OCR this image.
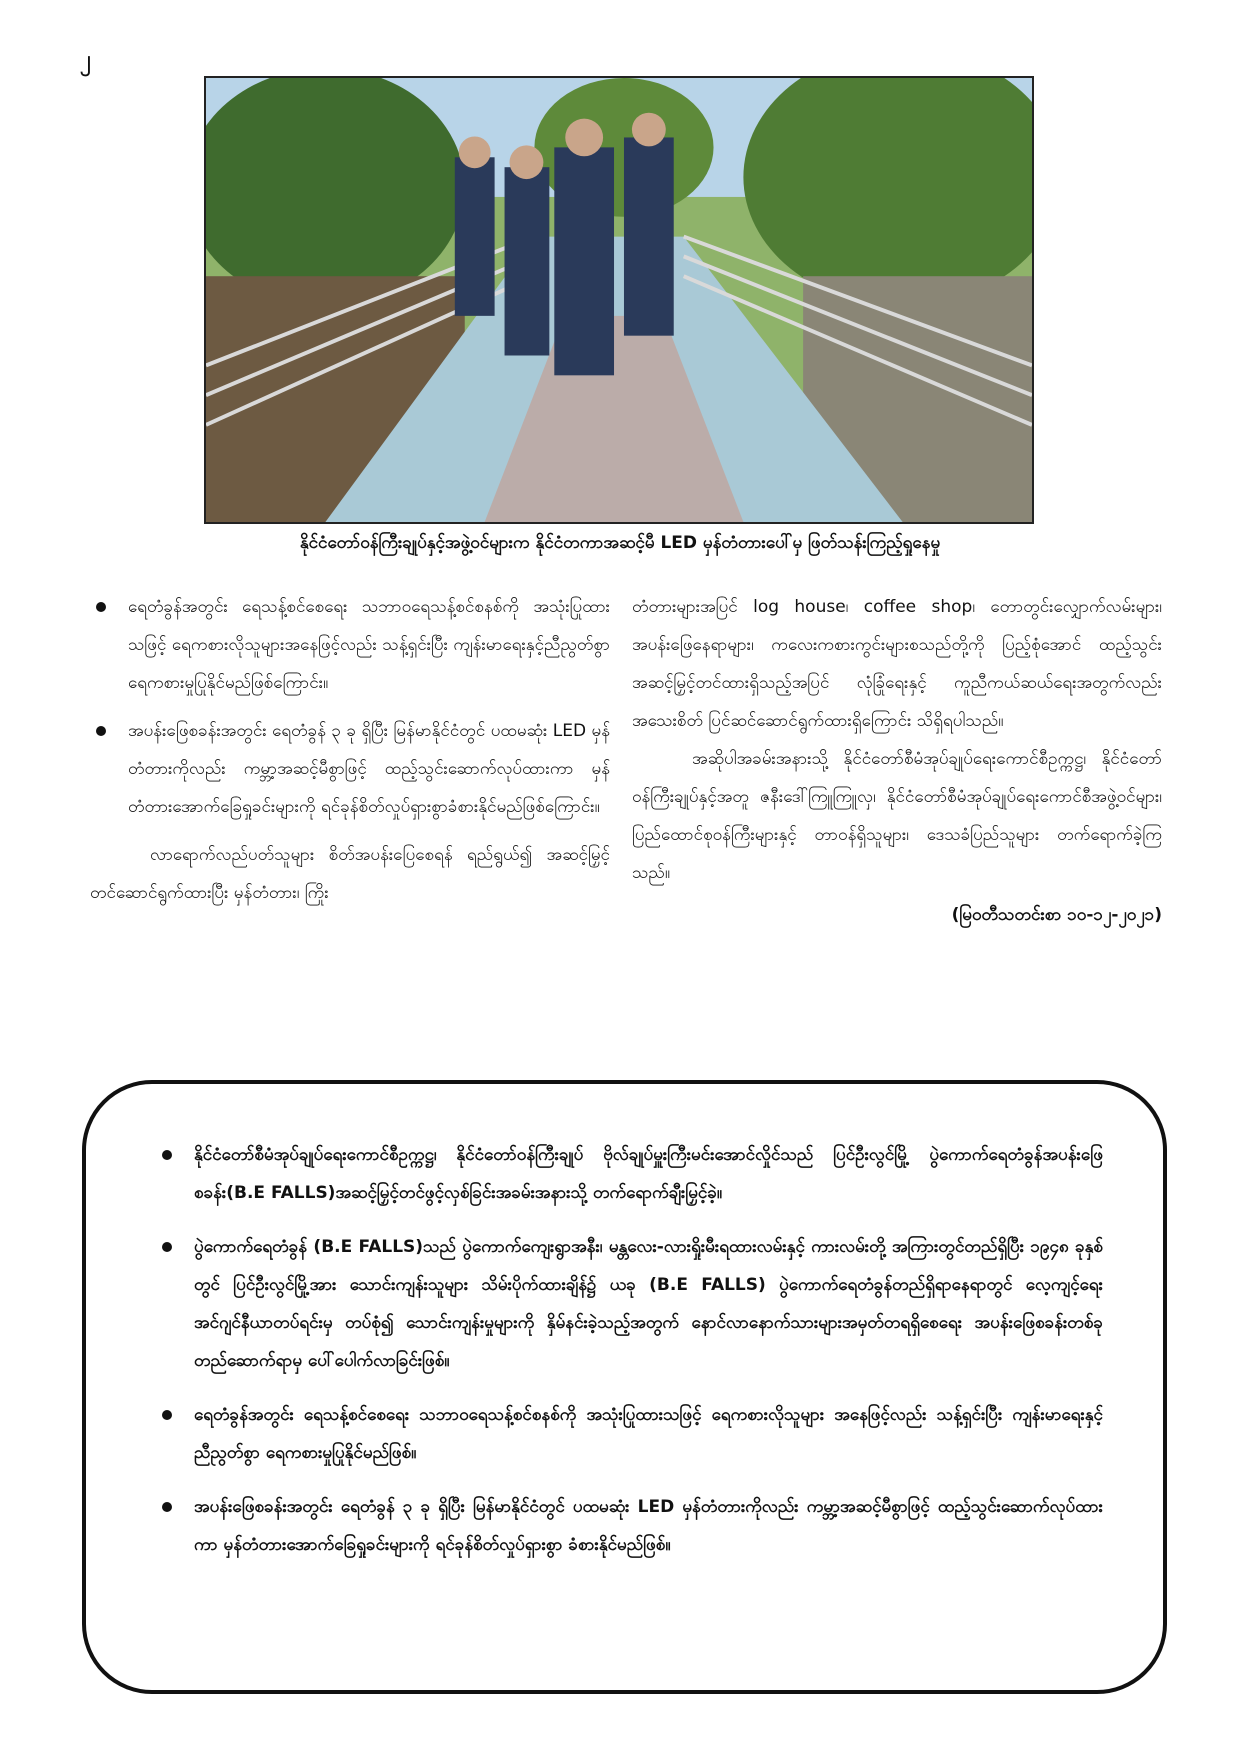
၂
နိုင်ငံတော်ဝန်ကြီးချုပ်နှင့်အဖွဲ့ဝင်များက နိုင်ငံတကာအဆင့်မီ LED မှန်တံတားပေါ်မှ ဖြတ်သန်းကြည့်ရှုနေမှု
ရေတံခွန်အတွင်း ရေသန့်စင်စေရေး သဘာဝရေသန့်စင်စနစ်ကို အသုံးပြုထားသဖြင့် ရေကစားလိုသူများအနေဖြင့်လည်း သန့်ရှင်းပြီး ကျန်းမာရေးနှင့်ညီညွတ်စွာ ရေကစားမှုပြုနိုင်မည်ဖြစ်ကြောင်း။
အပန်းဖြေစခန်းအတွင်း ရေတံခွန် ၃ ခု ရှိပြီး မြန်မာနိုင်ငံတွင် ပထမဆုံး LED မှန်တံတားကိုလည်း ကမ္ဘာ့အဆင့်မီစွာဖြင့် ထည့်သွင်းဆောက်လုပ်ထားကာ မှန်တံတားအောက်ခြေရှုခင်းများကို ရင်ခုန်စိတ်လှုပ်ရှားစွာခံစားနိုင်မည်ဖြစ်ကြောင်း။

လာရောက်လည်ပတ်သူများ စိတ်အပန်းပြေစေရန် ရည်ရွယ်၍ အဆင့်မြှင့်တင်ဆောင်ရွက်ထားပြီး မှန်တံတား၊ ကြိုး

တံတားများအပြင် log house၊ coffee shop၊ တောတွင်းလျှောက်လမ်းများ၊ အပန်းဖြေနေရာများ၊ ကလေးကစားကွင်းများစသည်တို့ကို ပြည့်စုံအောင် ထည့်သွင်းအဆင့်မြှင့်တင်ထားရှိသည့်အပြင် လုံခြုံရေးနှင့် ကူညီကယ်ဆယ်ရေးအတွက်လည်း အသေးစိတ် ပြင်ဆင်ဆောင်ရွက်ထားရှိကြောင်း သိရှိရပါသည်။

အဆိုပါအခမ်းအနားသို့ နိုင်ငံတော်စီမံအုပ်ချုပ်ရေးကောင်စီဥက္ကဋ္ဌ၊ နိုင်ငံတော်ဝန်ကြီးချုပ်နှင့်အတူ ဇနီးဒေါ်ကြူကြူလှ၊ နိုင်ငံတော်စီမံအုပ်ချုပ်ရေးကောင်စီအဖွဲ့ဝင်များ၊ ပြည်ထောင်စုဝန်ကြီးများနှင့် တာဝန်ရှိသူများ၊ ဒေသခံပြည်သူများ တက်ရောက်ခဲ့ကြသည်။

(မြဝတီသတင်းစာ ၁၀-၁၂-၂၀၂၁)

နိုင်ငံတော်စီမံအုပ်ချုပ်ရေးကောင်စီဥက္ကဋ္ဌ၊ နိုင်ငံတော်ဝန်ကြီးချုပ် ဗိုလ်ချုပ်မှူးကြီးမင်းအောင်လှိုင်သည် ပြင်ဦးလွင်မြို့ ပွဲကောက်ရေတံခွန်အပန်းဖြေစခန်း(B.E FALLS)အဆင့်မြှင့်တင်ဖွင့်လှစ်ခြင်းအခမ်းအနားသို့ တက်ရောက်ချီးမြှင့်ခဲ့။
ပွဲကောက်ရေတံခွန် (B.E FALLS)သည် ပွဲကောက်ကျေးရွာအနီး၊ မန္တလေး-လားရှိုးမီးရထားလမ်းနှင့် ကားလမ်းတို့ အကြားတွင်တည်ရှိပြီး ၁၉၄၈ ခုနှစ်တွင် ပြင်ဦးလွင်မြို့အား သောင်းကျန်းသူများ သိမ်းပိုက်ထားချိန်၌ ယခု (B.E FALLS) ပွဲကောက်ရေတံခွန်တည်ရှိရာနေရာတွင် လေ့ကျင့်ရေးအင်ဂျင်နီယာတပ်ရင်းမှ တပ်စုံ၍ သောင်းကျန်းမှုများကို နှိမ်နင်းခဲ့သည့်အတွက် နောင်လာနောက်သားများအမှတ်တရရှိစေရေး အပန်းဖြေစခန်းတစ်ခု တည်ဆောက်ရာမှ ပေါ်ပေါက်လာခြင်းဖြစ်။
ရေတံခွန်အတွင်း ရေသန့်စင်စေရေး သဘာဝရေသန့်စင်စနစ်ကို အသုံးပြုထားသဖြင့် ရေကစားလိုသူများ အနေဖြင့်လည်း သန့်ရှင်းပြီး ကျန်းမာရေးနှင့်ညီညွတ်စွာ ရေကစားမှုပြုနိုင်မည်ဖြစ်။
အပန်းဖြေစခန်းအတွင်း ရေတံခွန် ၃ ခု ရှိပြီး မြန်မာနိုင်ငံတွင် ပထမဆုံး LED မှန်တံတားကိုလည်း ကမ္ဘာ့အဆင့်မီစွာဖြင့် ထည့်သွင်းဆောက်လုပ်ထားကာ မှန်တံတားအောက်ခြေရှုခင်းများကို ရင်ခုန်စိတ်လှုပ်ရှားစွာ ခံစားနိုင်မည်ဖြစ်။
